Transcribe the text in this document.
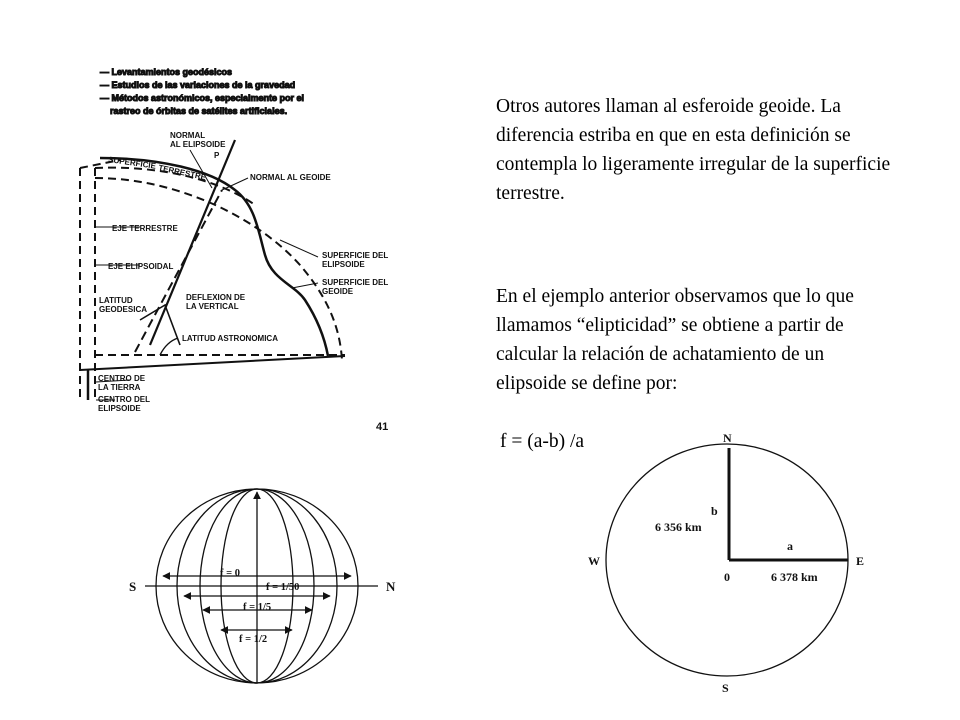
— Levantamientos geodésicos
— Estudios de las variaciones de la gravedad
— Métodos astronómicos, especialmente por el
rastreo de órbitas de satélites artificiales.
NORMAL
AL ELIPSOIDE
P
SUPERFICIE
TERRESTRE	NORMAL AL GEOIDE
EJE TERRESTRE
EJE ELIPSOIDAL
SUPERFICIE DEL
ELIPSOIDE
SUPERFICIE DEL
GEOIDE
DEFLEXION DE
LA VERTICAL
LATITUD
GEODESICA
LATITUD ASTRONOMICA
CENTRO DE
LA TIERRA
CENTRO DEL
ELIPSOIDE
41
S	N
f = 0
f = 1/50
f = 1/5
f = 1/2
N
S
W	E
b
6 356 km
a
0	6 378 km

Otros autores llaman al esferoide geoide. La diferencia estriba en que en esta definición se contempla lo ligeramente irregular de la superficie terrestre.

En el ejemplo anterior observamos que lo que llamamos “elipticidad” se obtiene a partir de calcular la relación de achatamiento de un elipsoide se define por:

f = (a-b) /a
